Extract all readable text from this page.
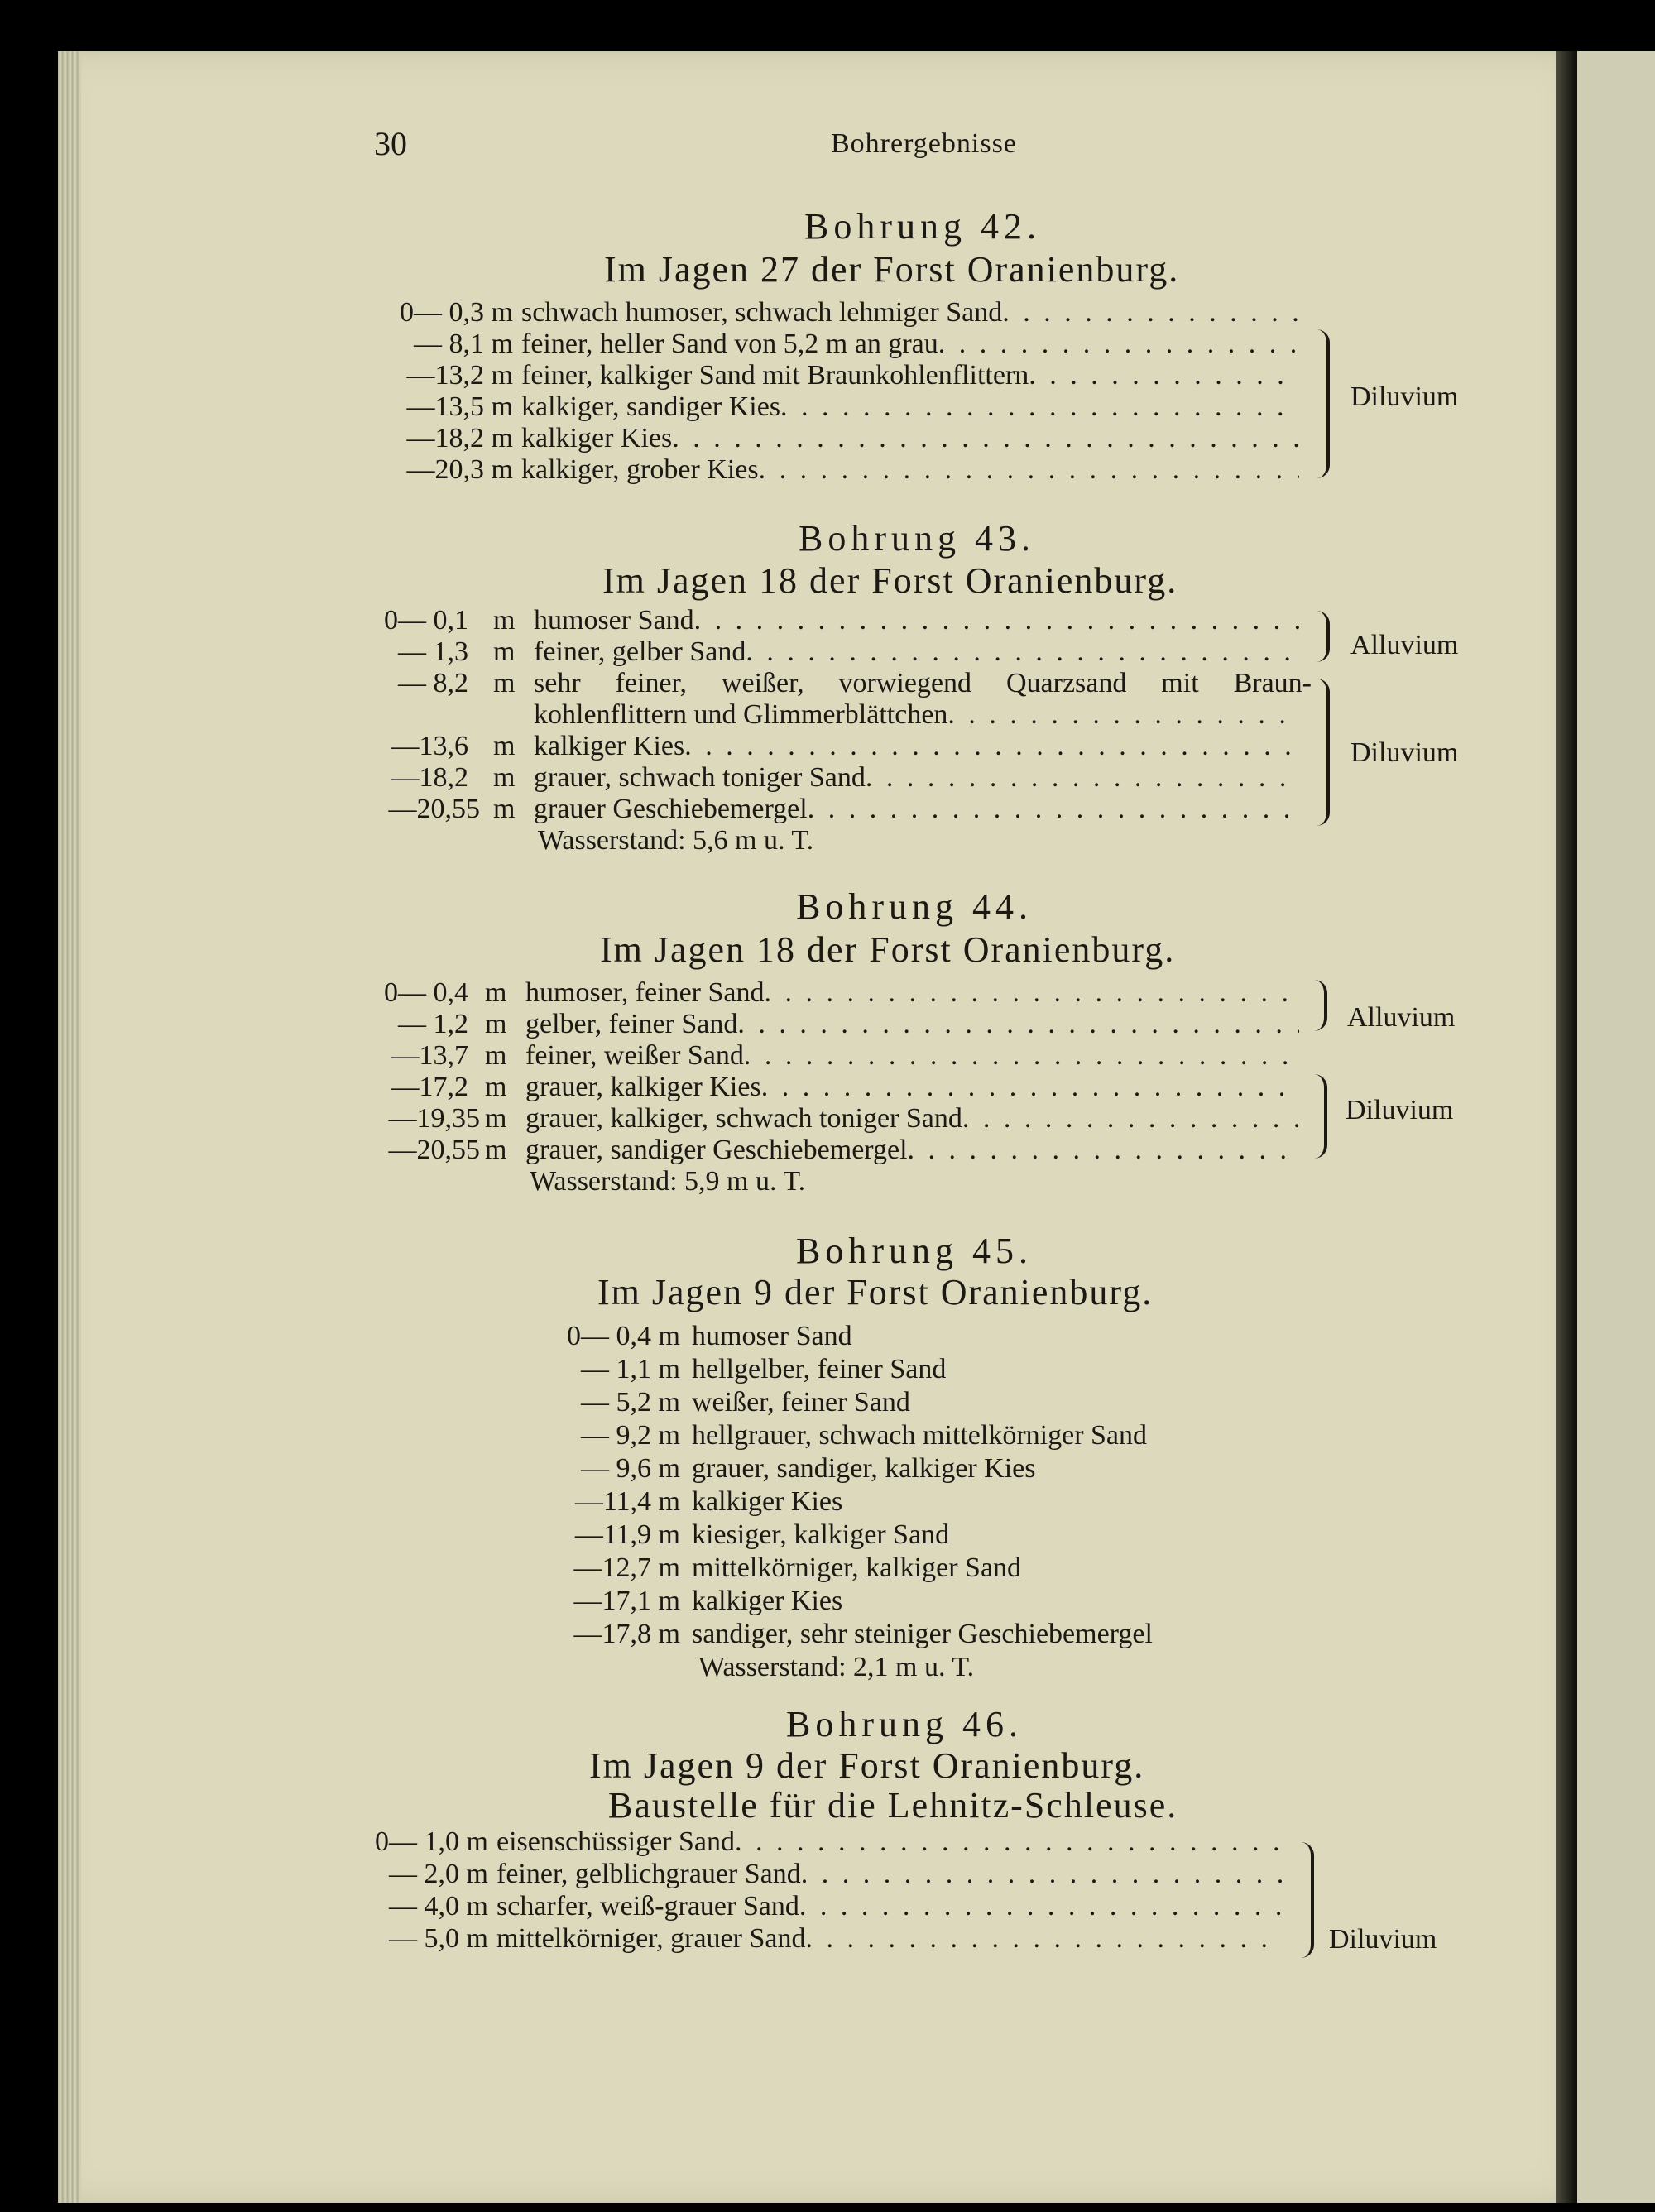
30	Bohrergebnisse
Bohrung 42.
Im Jagen 27 der Forst Oranienburg.
0— 0,3 m schwach humoser, schwach lehmiger Sand
. . .
— 8,1 m feiner, heller Sand von 5,2 m an grau
. . .
—13,2 m feiner, kalkiger Sand mit Braunkohlenflittern
. . .
—13,5 m kalkiger, sandiger Kies
. . .
—18,2 m kalkiger Kies
. . .
—20,3 m kalkiger, grober Kies
. . .
Diluvium
Bohrung 43.
Im Jagen 18 der Forst Oranienburg.
0— 0,1 m humoser Sand
. . .
— 1,3 m feiner, gelber Sand
. . .
— 8,2 m sehr feiner, weißer, vorwiegend Quarzsand mit Braun-
kohlenflittern und Glimmerblättchen
. . .
—13,6 m kalkiger Kies
. . .
—18,2 m grauer, schwach toniger Sand
. . .
—20,55 m grauer Geschiebemergel
. . .
Wasserstand: 5,6 m u. T.
Alluvium
Diluvium
Bohrung 44.
Im Jagen 18 der Forst Oranienburg.
0— 0,4 m humoser, feiner Sand
. . .
— 1,2 m gelber, feiner Sand
. . .
—13,7 m feiner, weißer Sand
. . .
—17,2 m grauer, kalkiger Kies
. . .
—19,35 m grauer, kalkiger, schwach toniger Sand
. . .
—20,55 m grauer, sandiger Geschiebemergel
. . .
Wasserstand: 5,9 m u. T.
Alluvium
Diluvium
Bohrung 45.
Im Jagen 9 der Forst Oranienburg.
0— 0,4 m humoser Sand
— 1,1 m hellgelber, feiner Sand
— 5,2 m weißer, feiner Sand
— 9,2 m hellgrauer, schwach mittelkörniger Sand
— 9,6 m grauer, sandiger, kalkiger Kies
—11,4 m kalkiger Kies
—11,9 m kiesiger, kalkiger Sand
—12,7 m mittelkörniger, kalkiger Sand
—17,1 m kalkiger Kies
—17,8 m sandiger, sehr steiniger Geschiebemergel
Wasserstand: 2,1 m u. T.
Bohrung 46.
Im Jagen 9 der Forst Oranienburg.
Baustelle für die Lehnitz-Schleuse.
0— 1,0 m eisenschüssiger Sand
. . .
— 2,0 m feiner, gelblichgrauer Sand
. . .
— 4,0 m scharfer, weiß-grauer Sand
. . .
— 5,0 m mittelkörniger, grauer Sand
. . .	Diluvium
